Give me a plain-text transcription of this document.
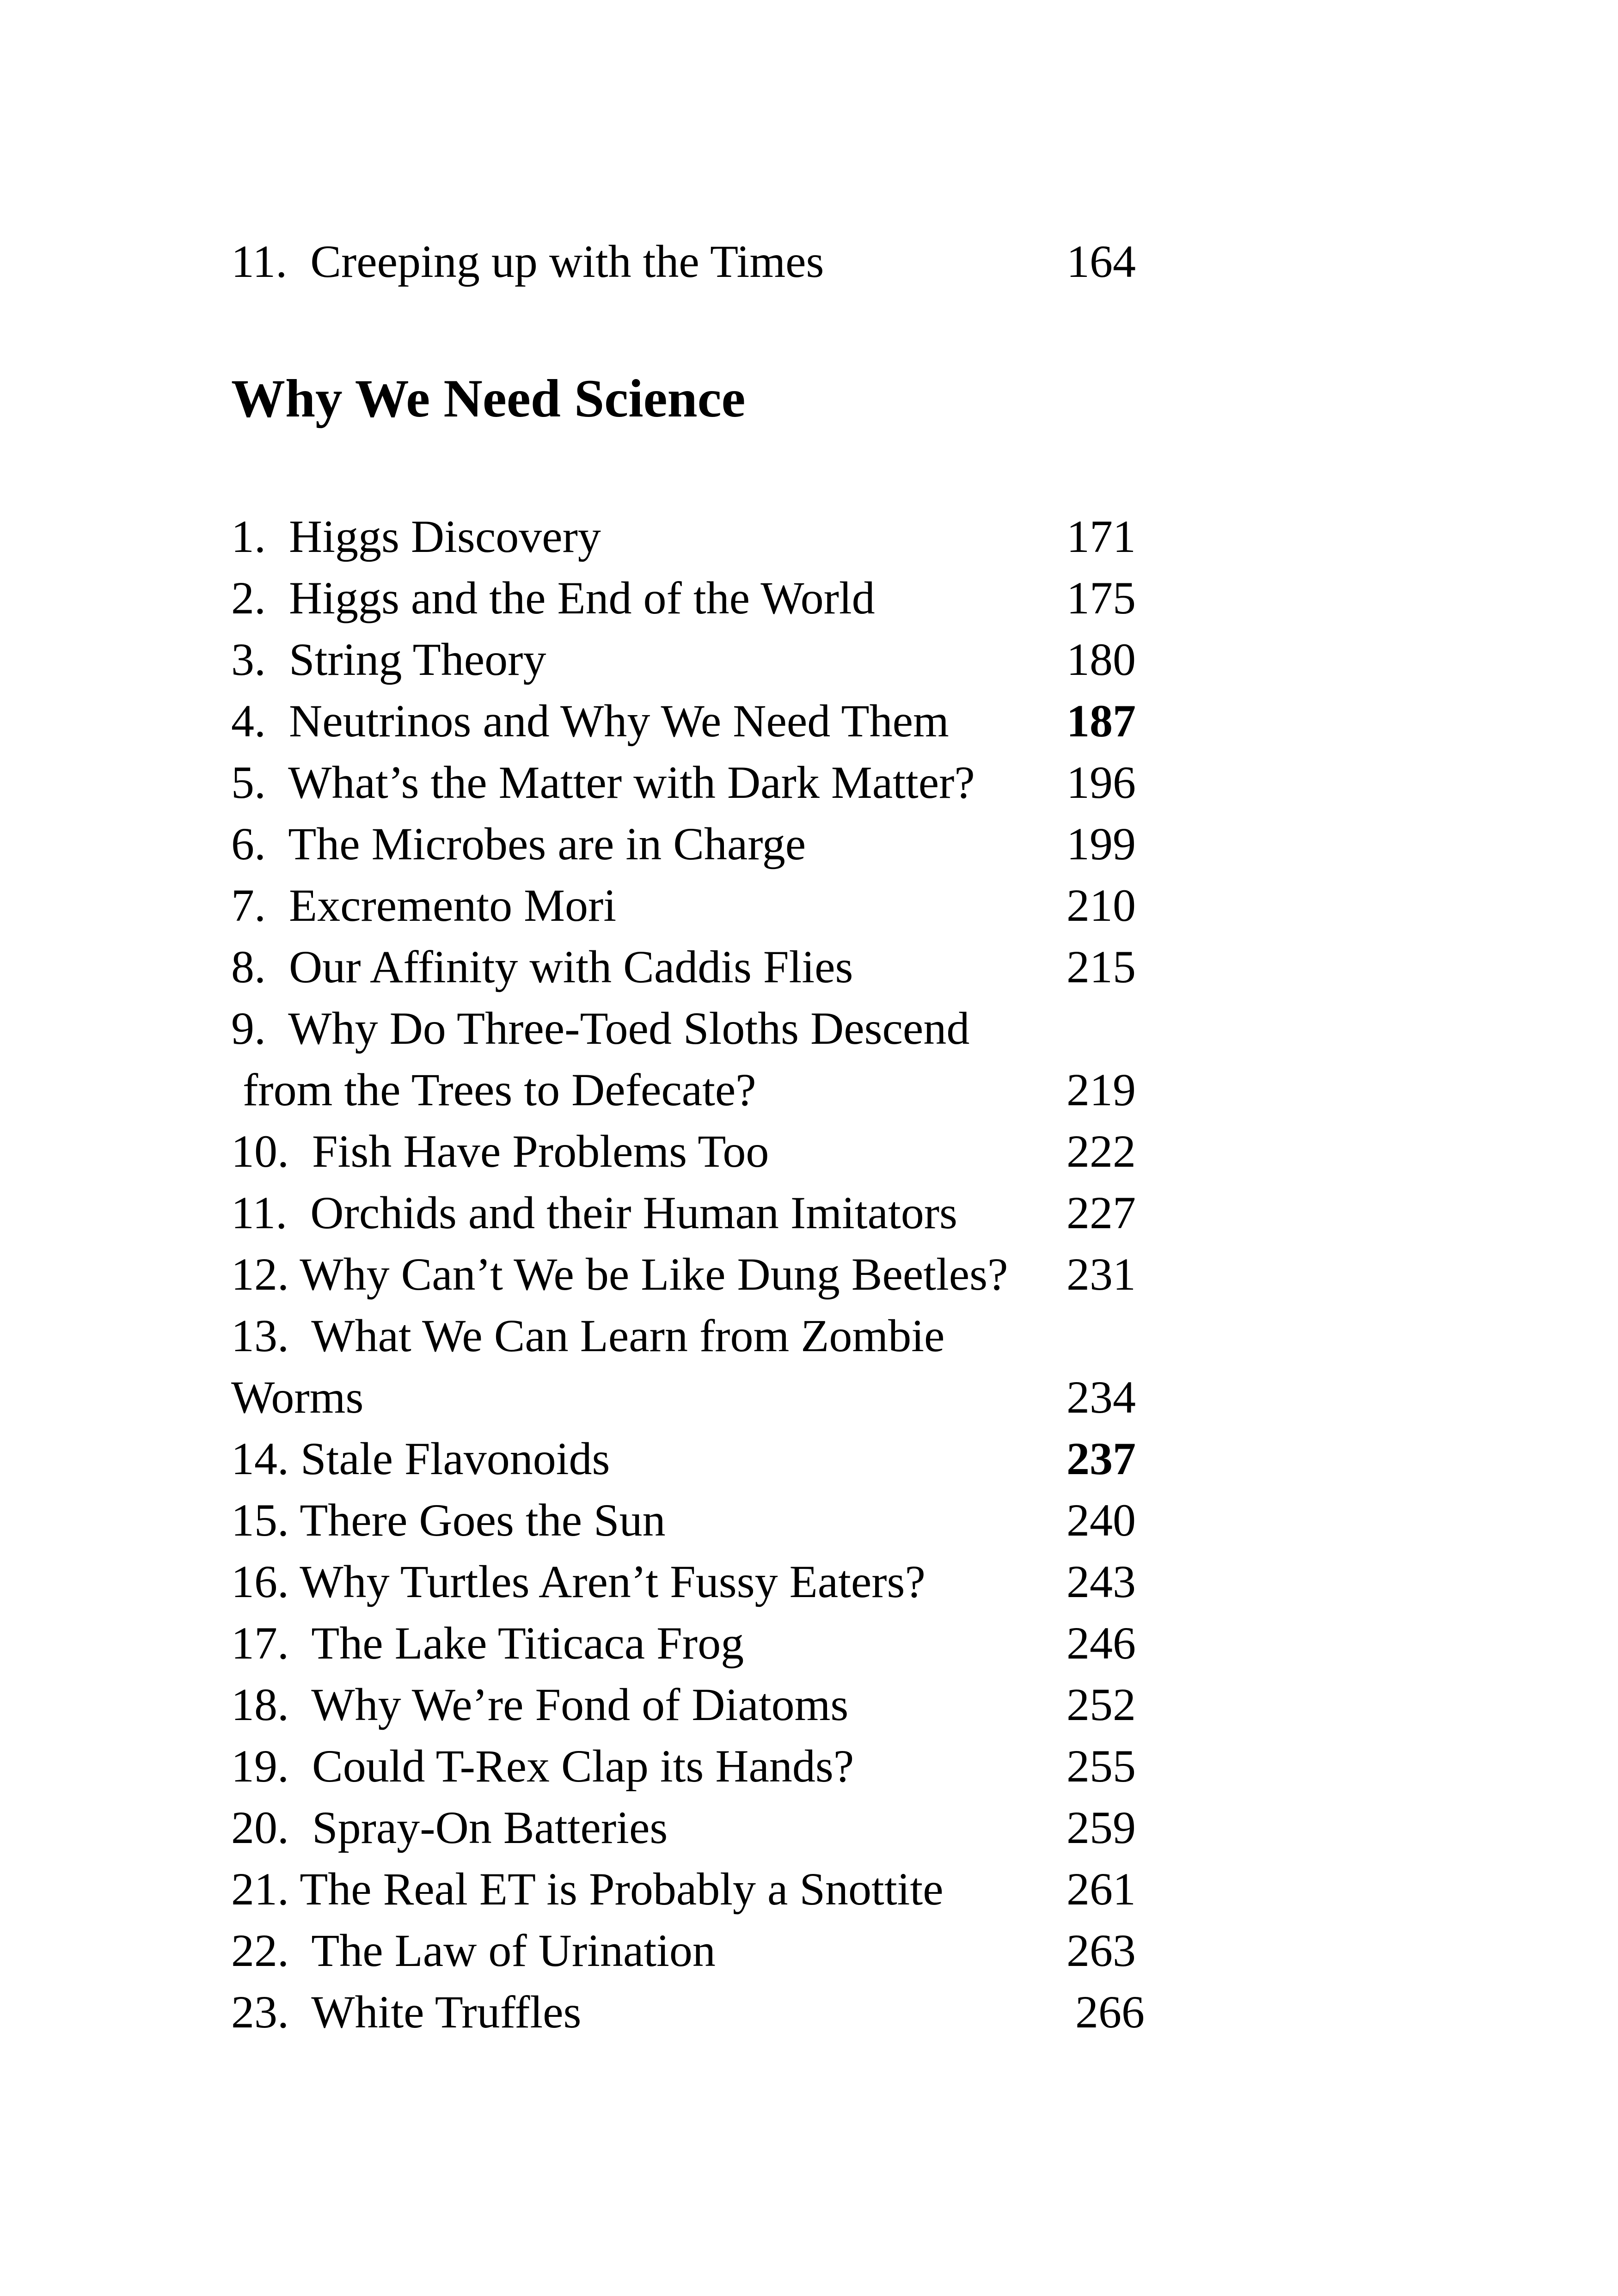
11.  Creeping up with the Times	164
Why We Need Science
1.  Higgs Discovery	171
2.  Higgs and the End of the World	175
3.  String Theory	180
4.  Neutrinos and Why We Need Them	187
5.  What’s the Matter with Dark Matter? 196
6.  The Microbes are in Charge	199
7.  Excremento Mori	210
8.  Our Affinity with Caddis Flies	215
9.  Why Do Three-Toed Sloths Descend
from the Trees to Defecate?	219
10.  Fish Have Problems Too	222
11.  Orchids and their Human Imitators 227
12. Why Can’t We be Like Dung Beetles? 231
13.  What We Can Learn from Zombie
Worms	234
14. Stale Flavonoids	237
15. There Goes the Sun	240
16. Why Turtles Aren’t Fussy Eaters?	243
17.  The Lake Titicaca Frog	246
18.  Why We’re Fond of Diatoms	252
19.  Could T-Rex Clap its Hands?	255
20.  Spray-On Batteries	259
21. The Real ET is Probably a Snottite	261
22.  The Law of Urination	263
23.  White Truffles	266
